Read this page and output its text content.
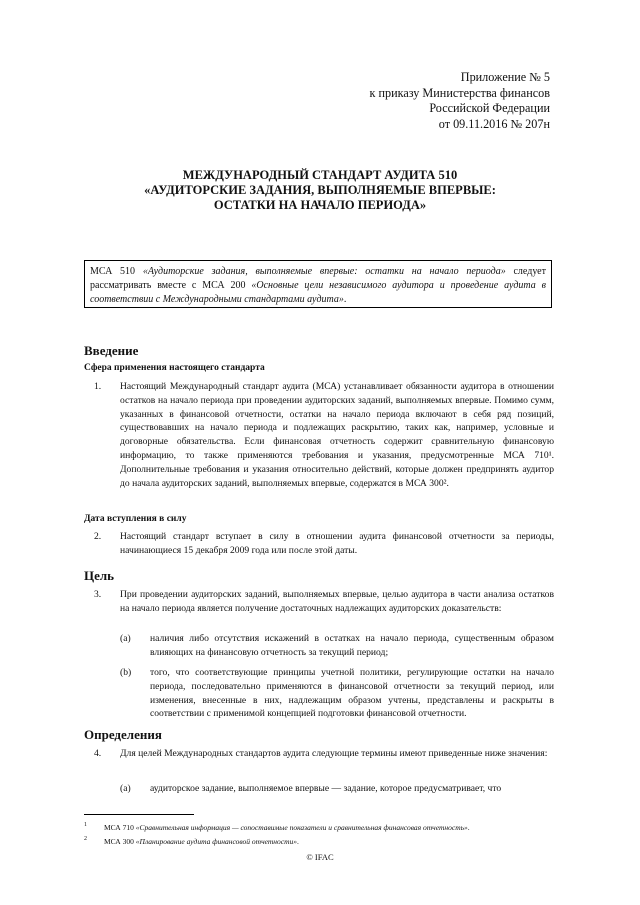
Приложение № 5
к приказу Министерства финансов
Российской Федерации
от 09.11.2016 № 207н
МЕЖДУНАРОДНЫЙ СТАНДАРТ АУДИТА 510
«АУДИТОРСКИЕ ЗАДАНИЯ, ВЫПОЛНЯЕМЫЕ ВПЕРВЫЕ:
ОСТАТКИ НА НАЧАЛО ПЕРИОДА»
МСА 510 «Аудиторские задания, выполняемые впервые: остатки на начало периода» следует рассматривать вместе с МСА 200 «Основные цели независимого аудитора и проведение аудита в соответствии с Международными стандартами аудита».
Введение
Сфера применения настоящего стандарта
1. Настоящий Международный стандарт аудита (МСА) устанавливает обязанности аудитора в отношении остатков на начало периода при проведении аудиторских заданий, выполняемых впервые. Помимо сумм, указанных в финансовой отчетности, остатки на начало периода включают в себя ряд позиций, существовавших на начало периода и подлежащих раскрытию, таких как, например, условные и договорные обязательства. Если финансовая отчетность содержит сравнительную финансовую информацию, то также применяются требования и указания, предусмотренные МСА 710¹. Дополнительные требования и указания относительно действий, которые должен предпринять аудитор до начала аудиторских заданий, выполняемых впервые, содержатся в МСА 300².
Дата вступления в силу
2. Настоящий стандарт вступает в силу в отношении аудита финансовой отчетности за периоды, начинающиеся 15 декабря 2009 года или после этой даты.
Цель
3. При проведении аудиторских заданий, выполняемых впервые, целью аудитора в части анализа остатков на начало периода является получение достаточных надлежащих аудиторских доказательств:
(a) наличия либо отсутствия искажений в остатках на начало периода, существенным образом влияющих на финансовую отчетность за текущий период;
(b) того, что соответствующие принципы учетной политики, регулирующие остатки на начало периода, последовательно применяются в финансовой отчетности за текущий период, или изменения, внесенные в них, надлежащим образом учтены, представлены и раскрыты в соответствии с применимой концепцией подготовки финансовой отчетности.
Определения
4. Для целей Международных стандартов аудита следующие термины имеют приведенные ниже значения:
(a) аудиторское задание, выполняемое впервые — задание, которое предусматривает, что
1 МСА 710 «Сравнительная информация — сопоставимые показатели и сравнительная финансовая отчетность».
2 МСА 300 «Планирование аудита финансовой отчетности».
© IFAC
